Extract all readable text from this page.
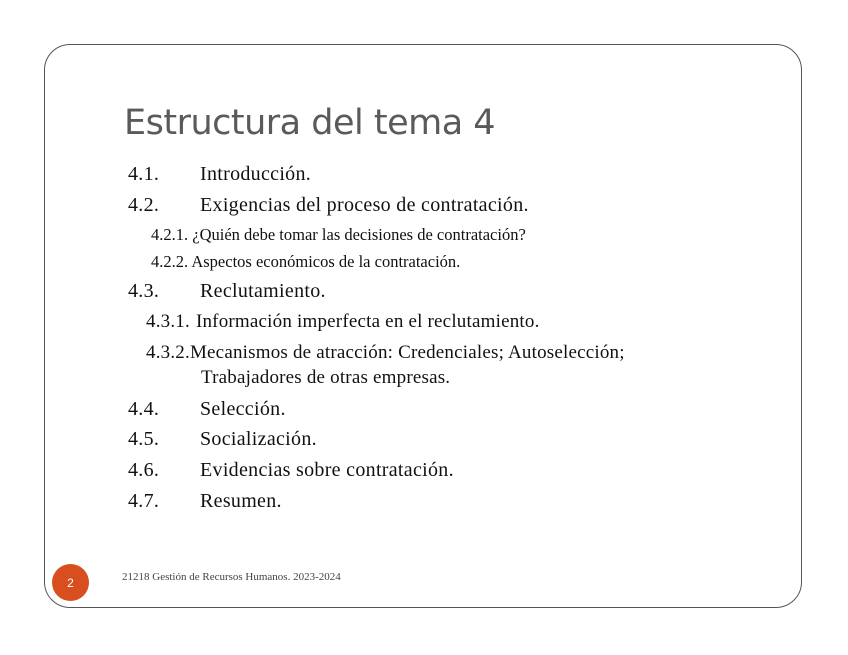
Estructura del tema 4
4.1. Introducción.
4.2. Exigencias del proceso de contratación.
4.2.1. ¿Quién debe tomar las decisiones de contratación?
4.2.2. Aspectos económicos de la contratación.
4.3. Reclutamiento.
4.3.1. Información imperfecta en el reclutamiento.
4.3.2.Mecanismos de atracción: Credenciales; Autoselección;
Trabajadores de otras empresas.
4.4. Selección.
4.5. Socialización.
4.6. Evidencias sobre contratación.
4.7. Resumen.
2	21218 Gestión de Recursos Humanos. 2023-2024
